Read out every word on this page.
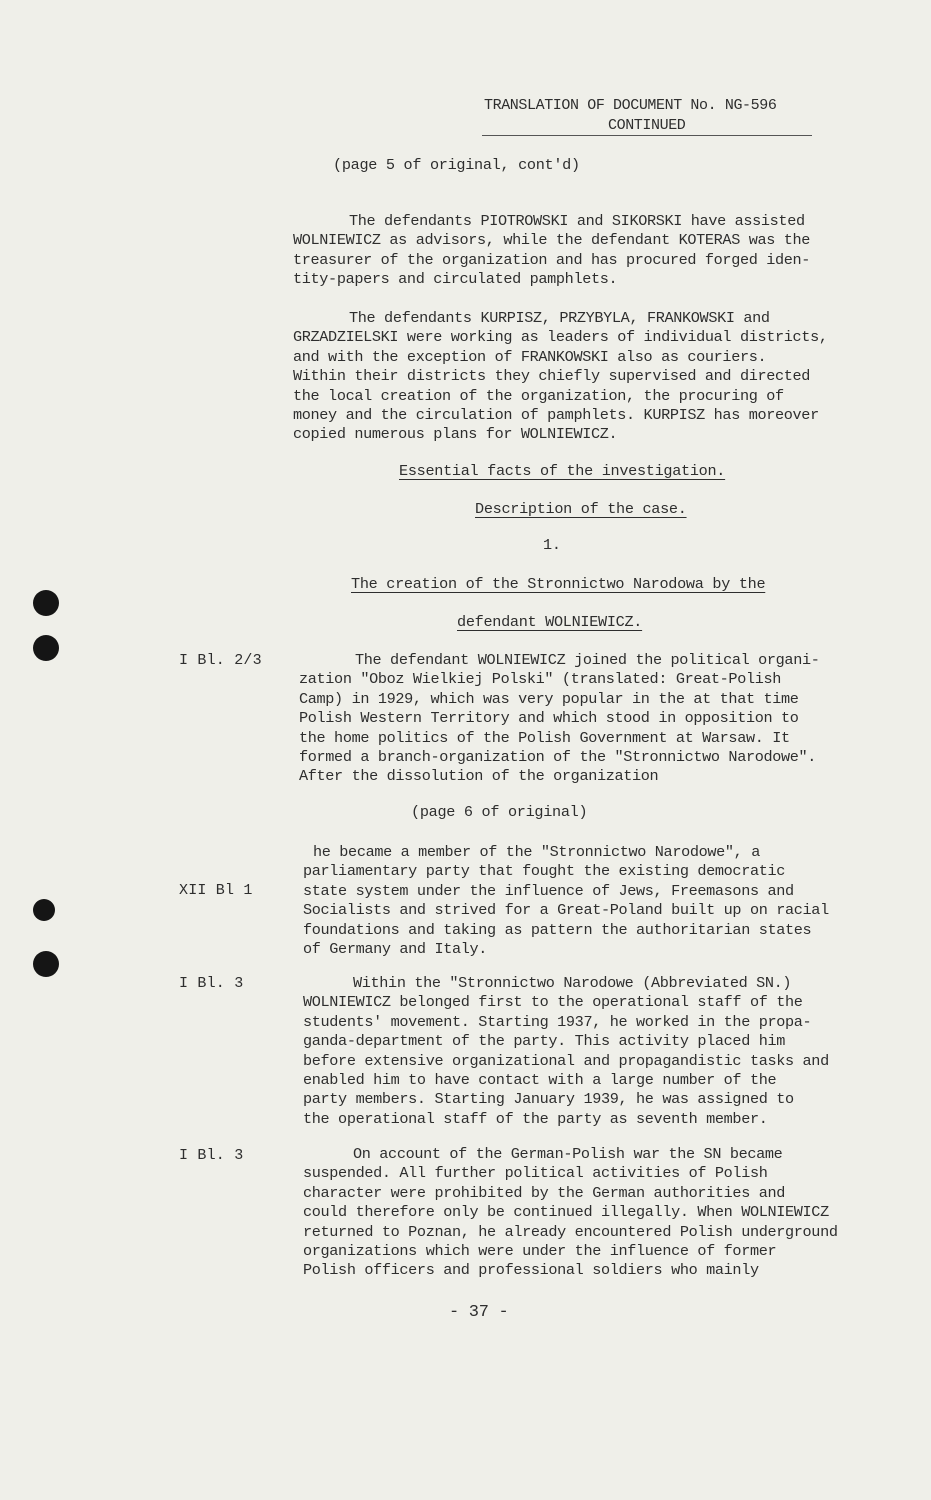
TRANSLATION OF DOCUMENT No. NG-596
CONTINUED
(page 5 of original, cont'd)
The defendants PIOTROWSKI and SIKORSKI have assisted
WOLNIEWICZ as advisors, while the defendant KOTERAS was the
treasurer of the organization and has procured forged iden-
tity-papers and circulated pamphlets.
The defendants KURPISZ, PRZYBYLA, FRANKOWSKI and
GRZADZIELSKI were working as leaders of individual districts,
and with the exception of FRANKOWSKI also as couriers.
Within their districts they chiefly supervised and directed
the local creation of the organization, the procuring of
money and the circulation of pamphlets. KURPISZ has moreover
copied numerous plans for WOLNIEWICZ.
Essential facts of the investigation.
Description of the case.
1.
The creation of the Stronnictwo Narodowa by the
defendant WOLNIEWICZ.
I Bl. 2/3
XII Bl 1
I Bl. 3
I Bl. 3
The defendant WOLNIEWICZ joined the political organi-
zation "Oboz Wielkiej Polski" (translated: Great-Polish
Camp) in 1929, which was very popular in the at that time
Polish Western Territory and which stood in opposition to
the home politics of the Polish Government at Warsaw. It
formed a branch-organization of the "Stronnictwo Narodowe".
After the dissolution of the organization
(page 6 of original)
he became a member of the "Stronnictwo Narodowe", a
parliamentary party that fought the existing democratic
state system under the influence of Jews, Freemasons and
Socialists and strived for a Great-Poland built up on racial
foundations and taking as pattern the authoritarian states
of Germany and Italy.
Within the "Stronnictwo Narodowe (Abbreviated SN.)
WOLNIEWICZ belonged first to the operational staff of the
students' movement. Starting 1937, he worked in the propa-
ganda-department of the party. This activity placed him
before extensive organizational and propagandistic tasks and
enabled him to have contact with a large number of the
party members. Starting January 1939, he was assigned to
the operational staff of the party as seventh member.
On account of the German-Polish war the SN became
suspended. All further political activities of Polish
character were prohibited by the German authorities and
could therefore only be continued illegally. When WOLNIEWICZ
returned to Poznan, he already encountered Polish underground
organizations which were under the influence of former
Polish officers and professional soldiers who mainly
- 37 -
